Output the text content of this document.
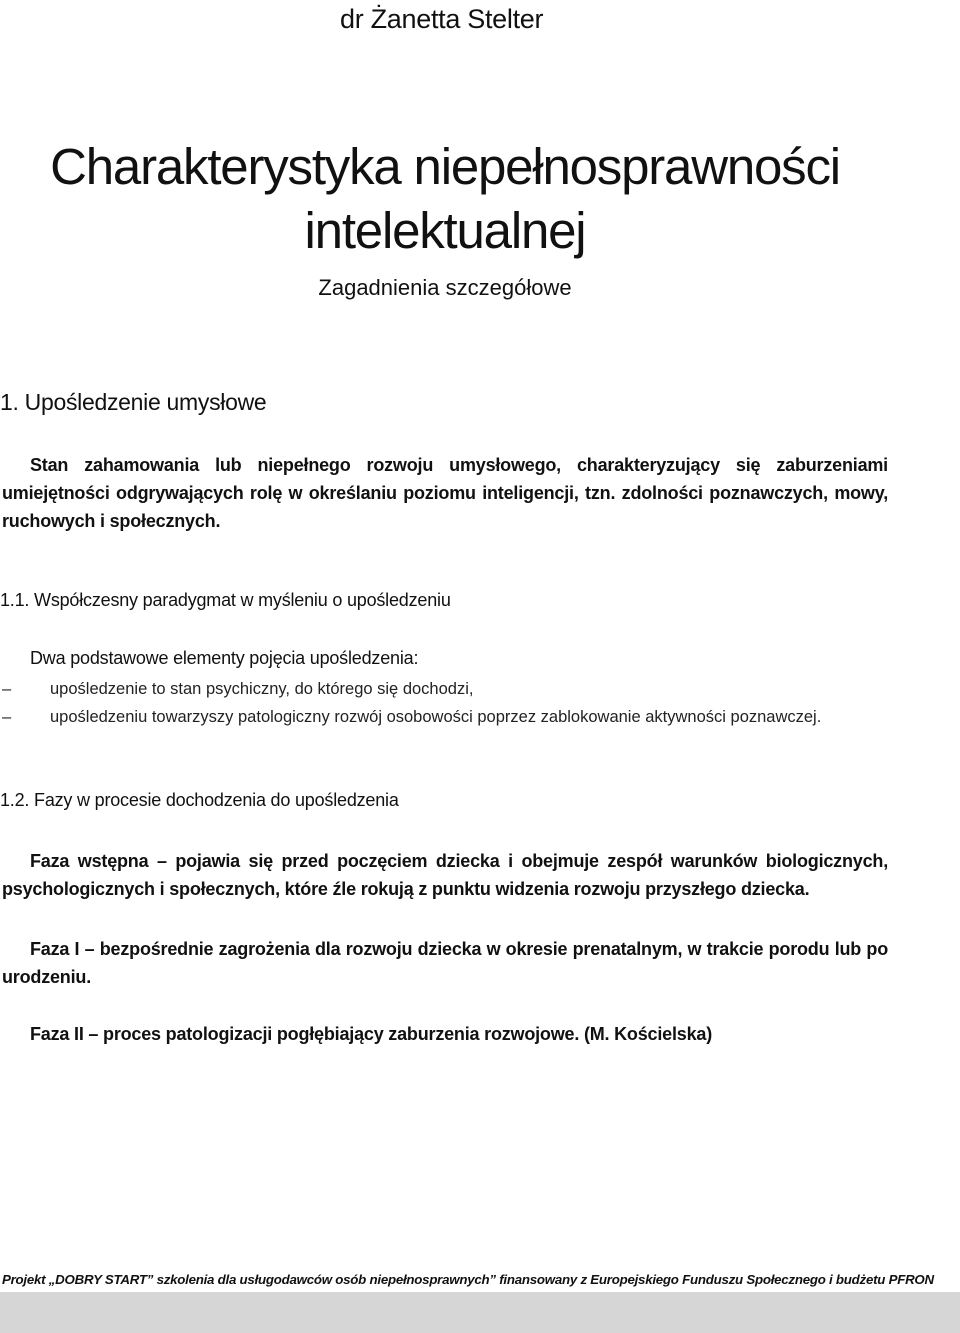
dr Żanetta Stelter
Charakterystyka niepełnosprawności
intelektualnej
Zagadnienia szczegółowe
1. Upośledzenie umysłowe
Stan zahamowania lub niepełnego rozwoju umysłowego, charakteryzujący się zaburzeniami umiejętności odgrywających rolę w określaniu poziomu inteligencji, tzn. zdolności poznawczych, mowy, ruchowych i społecznych.
1.1. Współczesny paradygmat w myśleniu o upośledzeniu
Dwa podstawowe elementy pojęcia upośledzenia:
– upośledzenie to stan psychiczny, do którego się dochodzi,
– upośledzeniu towarzyszy patologiczny rozwój osobowości poprzez zablokowanie aktywności poznawczej.
1.2. Fazy w procesie dochodzenia do upośledzenia
Faza wstępna – pojawia się przed poczęciem dziecka i obejmuje zespół warunków biologicznych, psychologicznych i społecznych, które źle rokują z punktu widzenia rozwoju przyszłego dziecka.
Faza I – bezpośrednie zagrożenia dla rozwoju dziecka w okresie prenatalnym, w trakcie porodu lub po urodzeniu.
Faza II – proces patologizacji pogłębiający zaburzenia rozwojowe. (M. Kościelska)
Projekt „DOBRY START” szkolenia dla usługodawców osób niepełnosprawnych” finansowany z Europejskiego Funduszu Społecznego i budżetu PFRON
